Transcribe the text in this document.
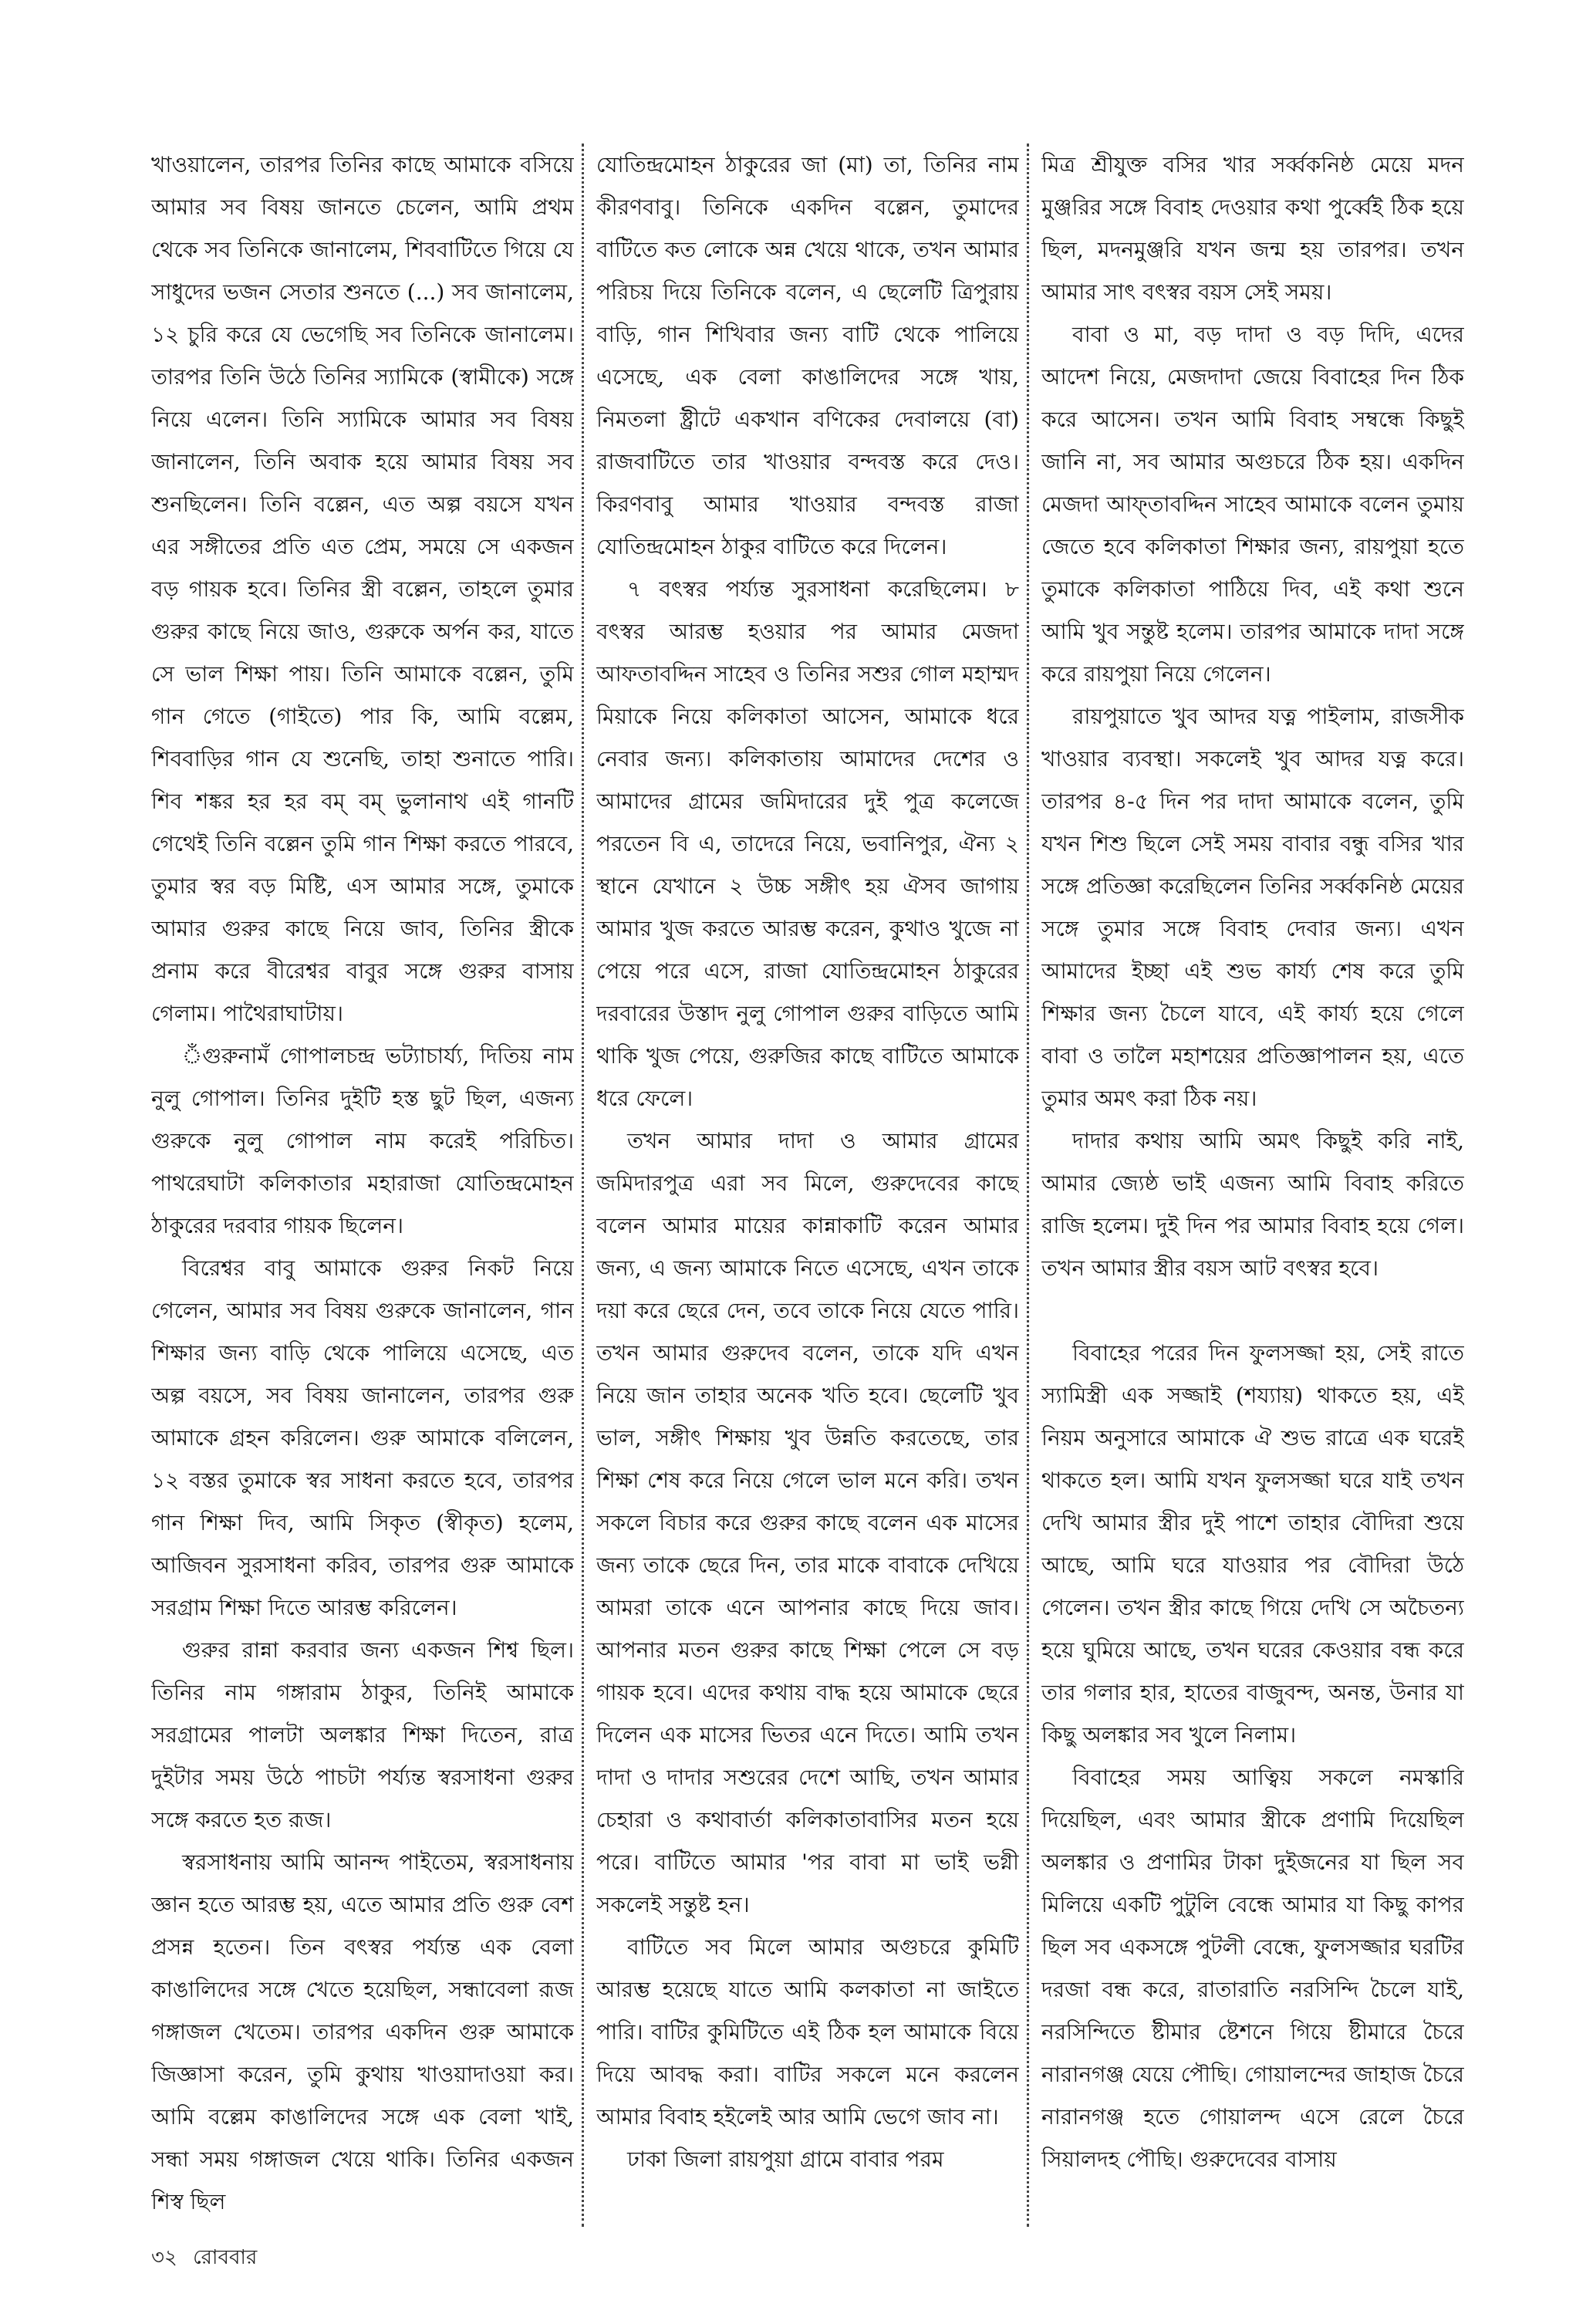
খাওয়ালেন, তারপর তিনির কাছে আমাকে বসিয়ে আমার সব বিষয় জানতে চেলেন, আমি প্রথম থেকে সব তিনিকে জানালেম, শিববাটিতে গিয়ে যে সাধুদের ভজন সেতার শুনতে (...) সব জানালেম, ১২ চুরি করে যে ভেগেছি সব তিনিকে জানালেম। তারপর তিনি উঠে তিনির স্যামিকে (স্বামীকে) সঙ্গে নিয়ে এলেন। তিনি স্যামিকে আমার সব বিষয় জানালেন, তিনি অবাক হয়ে আমার বিষয় সব শুনছিলেন। তিনি বল্লেন, এত অল্প বয়সে যখন এর সঙ্গীতের প্রতি এত প্রেম, সময়ে সে একজন বড় গায়ক হবে। তিনির স্ত্রী বল্লেন, তাহলে তুমার গুরুর কাছে নিয়ে জাও, গুরুকে অর্পন কর, যাতে সে ভাল শিক্ষা পায়। তিনি আমাকে বল্লেন, তুমি গান গেতে (গাইতে) পার কি, আমি বল্লেম, শিববাড়ির গান যে শুনেছি, তাহা শুনাতে পারি। শিব শঙ্কর হর হর বম্ বম্ ভুলানাথ এই গানটি গেথেই তিনি বল্লেন তুমি গান শিক্ষা করতে পারবে, তুমার স্বর বড় মিষ্টি, এস আমার সঙ্গে, তুমাকে আমার গুরুর কাছে নিয়ে জাব, তিনির স্ত্রীকে প্রনাম করে বীরেশ্বর বাবুর সঙ্গে গুরুর বাসায় গেলাম। পাথৈরাঘাটায়।

ঁগুরুনামঁ গোপালচন্দ্র ভট্যাচার্য্য, দিতিয় নাম নুলু গোপাল। তিনির দুইটি হস্ত ছুট ছিল, এজন্য গুরুকে নুলু গোপাল নাম করেই পরিচিত। পাথরেঘাটা কলিকাতার মহারাজা যোতিন্দ্রমোহন ঠাকুরের দরবার গায়ক ছিলেন।

বিরেশ্বর বাবু আমাকে গুরুর নিকট নিয়ে গেলেন, আমার সব বিষয় গুরুকে জানালেন, গান শিক্ষার জন্য বাড়ি থেকে পালিয়ে এসেছে, এত অল্প বয়সে, সব বিষয় জানালেন, তারপর গুরু আমাকে গ্রহন করিলেন। গুরু আমাকে বলিলেন, ১২ বস্তর তুমাকে স্বর সাধনা করতে হবে, তারপর গান শিক্ষা দিব, আমি সিকৃত (স্বীকৃত) হলেম, আজিবন সুরসাধনা করিব, তারপর গুরু আমাকে সরগ্রাম শিক্ষা দিতে আরম্ভ করিলেন।

গুরুর রান্না করবার জন্য একজন শিশ্ব ছিল। তিনির নাম গঙ্গারাম ঠাকুর, তিনিই আমাকে সরগ্রামের পালটা অলঙ্কার শিক্ষা দিতেন, রাত্র দুইটার সময় উঠে পাচটা পর্য্যন্ত স্বরসাধনা গুরুর সঙ্গে করতে হত রূজ।

স্বরসাধনায় আমি আনন্দ পাইতেম, স্বরসাধনায় জ্ঞান হতে আরম্ভ হয়, এতে আমার প্রতি গুরু বেশ প্রসন্ন হতেন। তিন বৎস্বর পর্য্যন্ত এক বেলা কাঙালিদের সঙ্গে খেতে হয়েছিল, সন্ধাবেলা রূজ গঙ্গাজল খেতেম। তারপর একদিন গুরু আমাকে জিজ্ঞাসা করেন, তুমি কুথায় খাওয়াদাওয়া কর। আমি বল্লেম কাঙালিদের সঙ্গে এক বেলা খাই, সন্ধা সময় গঙ্গাজল খেয়ে থাকি। তিনির একজন শিস্ব ছিল

যোতিন্দ্রমোহন ঠাকুরের জা (মা) তা, তিনির নাম কীরণবাবু। তিনিকে একদিন বল্লেন, তুমাদের বাটিতে কত লোকে অন্ন খেয়ে থাকে, তখন আমার পরিচয় দিয়ে তিনিকে বলেন, এ ছেলেটি ত্রিপুরায় বাড়ি, গান শিখিবার জন্য বাটি থেকে পালিয়ে এসেছে, এক বেলা কাঙালিদের সঙ্গে খায়, নিমতলা ষ্ট্রীটে একখান বণিকের দেবালয়ে (বা) রাজবাটিতে তার খাওয়ার বন্দবস্ত করে দেও। কিরণবাবু আমার খাওয়ার বন্দবস্ত রাজা যোতিন্দ্রমোহন ঠাকুর বাটিতে করে দিলেন।

৭ বৎস্বর পর্য্যন্ত সুরসাধনা করেছিলেম। ৮ বৎস্বর আরম্ভ হওয়ার পর আমার মেজদা আফতাবদ্দিন সাহেব ও তিনির সশুর গোল মহাম্মদ মিয়াকে নিয়ে কলিকাতা আসেন, আমাকে ধরে নেবার জন্য। কলিকাতায় আমাদের দেশের ও আমাদের গ্রামের জমিদারের দুই পুত্র কলেজে পরতেন বি এ, তাদেরে নিয়ে, ভবানিপুর, ঐন্য ২ স্থানে যেখানে ২ উচ্চ সঙ্গীৎ হয় ঐসব জাগায় আমার খুজ করতে আরম্ভ করেন, কুথাও খুজে না পেয়ে পরে এসে, রাজা যোতিন্দ্রমোহন ঠাকুরের দরবারের উস্তাদ নুলু গোপাল গুরুর বাড়িতে আমি থাকি খুজ পেয়ে, গুরুজির কাছে বাটিতে আমাকে ধরে ফেলে।

তখন আমার দাদা ও আমার গ্রামের জমিদারপুত্র এরা সব মিলে, গুরুদেবের কাছে বলেন আমার মায়ের কান্নাকাটি করেন আমার জন্য, এ জন্য আমাকে নিতে এসেছে, এখন তাকে দয়া করে ছেরে দেন, তবে তাকে নিয়ে যেতে পারি। তখন আমার গুরুদেব বলেন, তাকে যদি এখন নিয়ে জান তাহার অনেক খতি হবে। ছেলেটি খুব ভাল, সঙ্গীৎ শিক্ষায় খুব উন্নতি করতেছে, তার শিক্ষা শেষ করে নিয়ে গেলে ভাল মনে করি। তখন সকলে বিচার করে গুরুর কাছে বলেন এক মাসের জন্য তাকে ছেরে দিন, তার মাকে বাবাকে দেখিয়ে আমরা তাকে এনে আপনার কাছে দিয়ে জাব। আপনার মতন গুরুর কাছে শিক্ষা পেলে সে বড় গায়ক হবে। এদের কথায় বাদ্ধ হয়ে আমাকে ছেরে দিলেন এক মাসের ভিতর এনে দিতে। আমি তখন দাদা ও দাদার সশুরের দেশে আছি, তখন আমার চেহারা ও কথাবার্তা কলিকাতাবাসির মতন হয়ে পরে। বাটিতে আমার 'পর বাবা মা ভাই ভগ্নী সকলেই সন্তুষ্ট হন।

বাটিতে সব মিলে আমার অগুচরে কুমিটি আরম্ভ হয়েছে যাতে আমি কলকাতা না জাইতে পারি। বাটির কুমিটিতে এই ঠিক হল আমাকে বিয়ে দিয়ে আবদ্ধ করা। বাটির সকলে মনে করলেন আমার বিবাহ হইলেই আর আমি ভেগে জাব না।

ঢাকা জিলা রায়পুয়া গ্রামে বাবার পরম

মিত্র শ্রীযুক্ত বসির খার সর্ব্বকনিষ্ঠ মেয়ে মদন মুঞ্জরির সঙ্গে বিবাহ দেওয়ার কথা পুর্ব্বেই ঠিক হয়ে ছিল, মদনমুঞ্জরি যখন জন্ম হয় তারপর। তখন আমার সাৎ বৎস্বর বয়স সেই সময়।

বাবা ও মা, বড় দাদা ও বড় দিদি, এদের আদেশ নিয়ে, মেজদাদা জেয়ে বিবাহের দিন ঠিক করে আসেন। তখন আমি বিবাহ সম্বন্ধে কিছুই জানি না, সব আমার অগুচরে ঠিক হয়। একদিন মেজদা আফ্‌তাবদ্দিন সাহেব আমাকে বলেন তুমায় জেতে হবে কলিকাতা শিক্ষার জন্য, রায়পুয়া হতে তুমাকে কলিকাতা পাঠিয়ে দিব, এই কথা শুনে আমি খুব সন্তুষ্ট হলেম। তারপর আমাকে দাদা সঙ্গে করে রায়পুয়া নিয়ে গেলেন।

রায়পুয়াতে খুব আদর যত্ন পাইলাম, রাজসীক খাওয়ার ব্যবস্থা। সকলেই খুব আদর যত্ন করে। তারপর ৪-৫ দিন পর দাদা আমাকে বলেন, তুমি যখন শিশু ছিলে সেই সময় বাবার বন্ধু বসির খার সঙ্গে প্রতিজ্ঞা করেছিলেন তিনির সর্ব্বকনিষ্ঠ মেয়ের সঙ্গে তুমার সঙ্গে বিবাহ দেবার জন্য। এখন আমাদের ইচ্ছা এই শুভ কার্য্য শেষ করে তুমি শিক্ষার জন্য চৈলে যাবে, এই কার্য্য হয়ে গেলে বাবা ও তালৈ মহাশয়ের প্রতিজ্ঞাপালন হয়, এতে তুমার অমৎ করা ঠিক নয়।

দাদার কথায় আমি অমৎ কিছুই করি নাই, আমার জ্যেষ্ঠ ভাই এজন্য আমি বিবাহ করিতে রাজি হলেম। দুই দিন পর আমার বিবাহ হয়ে গেল। তখন আমার স্ত্রীর বয়স আট বৎস্বর হবে।

বিবাহের পরের দিন ফুলসজ্জা হয়, সেই রাতে স্যামিস্ত্রী এক সজ্জাই (শয্যায়) থাকতে হয়, এই নিয়ম অনুসারে আমাকে ঐ শুভ রাত্রে এক ঘরেই থাকতে হল। আমি যখন ফুলসজ্জা ঘরে যাই তখন দেখি আমার স্ত্রীর দুই পাশে তাহার বৌদিরা শুয়ে আছে, আমি ঘরে যাওয়ার পর বৌদিরা উঠে গেলেন। তখন স্ত্রীর কাছে গিয়ে দেখি সে অচৈতন্য হয়ে ঘুমিয়ে আছে, তখন ঘরের কেওয়ার বন্ধ করে তার গলার হার, হাতের বাজুবন্দ, অনন্ত, উনার যা কিছু অলঙ্কার সব খুলে নিলাম।

বিবাহের সময় আত্বিয় সকলে নমস্কারি দিয়েছিল, এবং আমার স্ত্রীকে প্রণামি দিয়েছিল অলঙ্কার ও প্রণামির টাকা দুইজনের যা ছিল সব মিলিয়ে একটি পুটুলি বেন্ধে আমার যা কিছু কাপর ছিল সব একসঙ্গে পুটলী বেন্ধে, ফুলসজ্জার ঘরটির দরজা বন্ধ করে, রাতারাতি নরসিন্দি চৈলে যাই, নরসিন্দিতে ষ্টীমার ষ্টেশনে গিয়ে ষ্টীমারে চৈরে নারানগঞ্জ যেয়ে পৌছি। গোয়ালন্দের জাহাজ চৈরে নারানগঞ্জ হতে গোয়ালন্দ এসে রেলে চৈরে সিয়ালদহ পৌছি। গুরুদেবের বাসায়

৩২ রোববার
